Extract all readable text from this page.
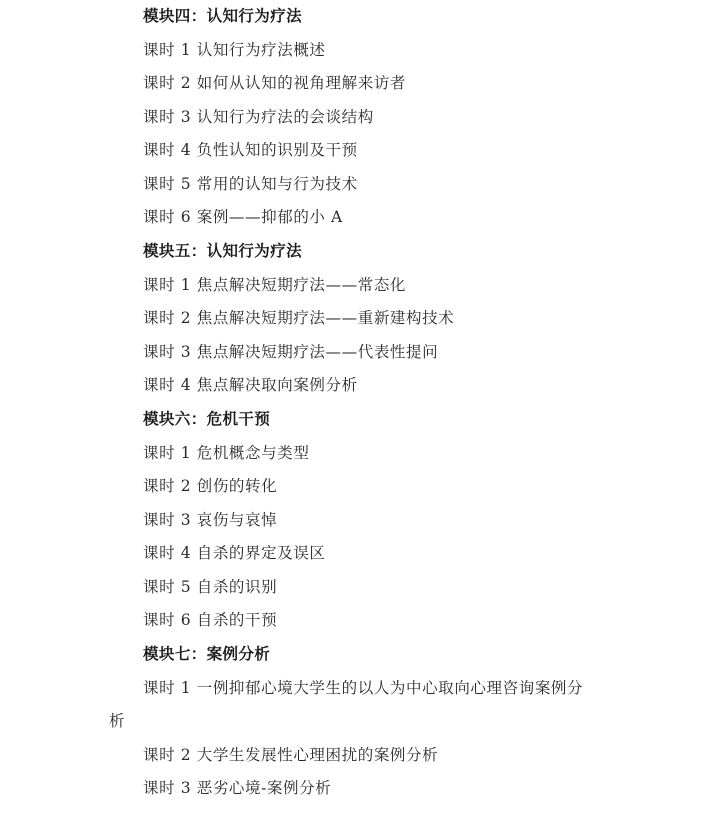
模块四：认知行为疗法
课时 1 认知行为疗法概述
课时 2 如何从认知的视角理解来访者
课时 3 认知行为疗法的会谈结构
课时 4 负性认知的识别及干预
课时 5 常用的认知与行为技术
课时 6 案例——抑郁的小 A
模块五：认知行为疗法
课时 1 焦点解决短期疗法——常态化
课时 2 焦点解决短期疗法——重新建构技术
课时 3 焦点解决短期疗法——代表性提问
课时 4 焦点解决取向案例分析
模块六：危机干预
课时 1 危机概念与类型
课时 2 创伤的转化
课时 3 哀伤与哀悼
课时 4 自杀的界定及误区
课时 5 自杀的识别
课时 6 自杀的干预
模块七：案例分析
课时 1 一例抑郁心境大学生的以人为中心取向心理咨询案例分
析
课时 2 大学生发展性心理困扰的案例分析
课时 3 恶劣心境-案例分析
